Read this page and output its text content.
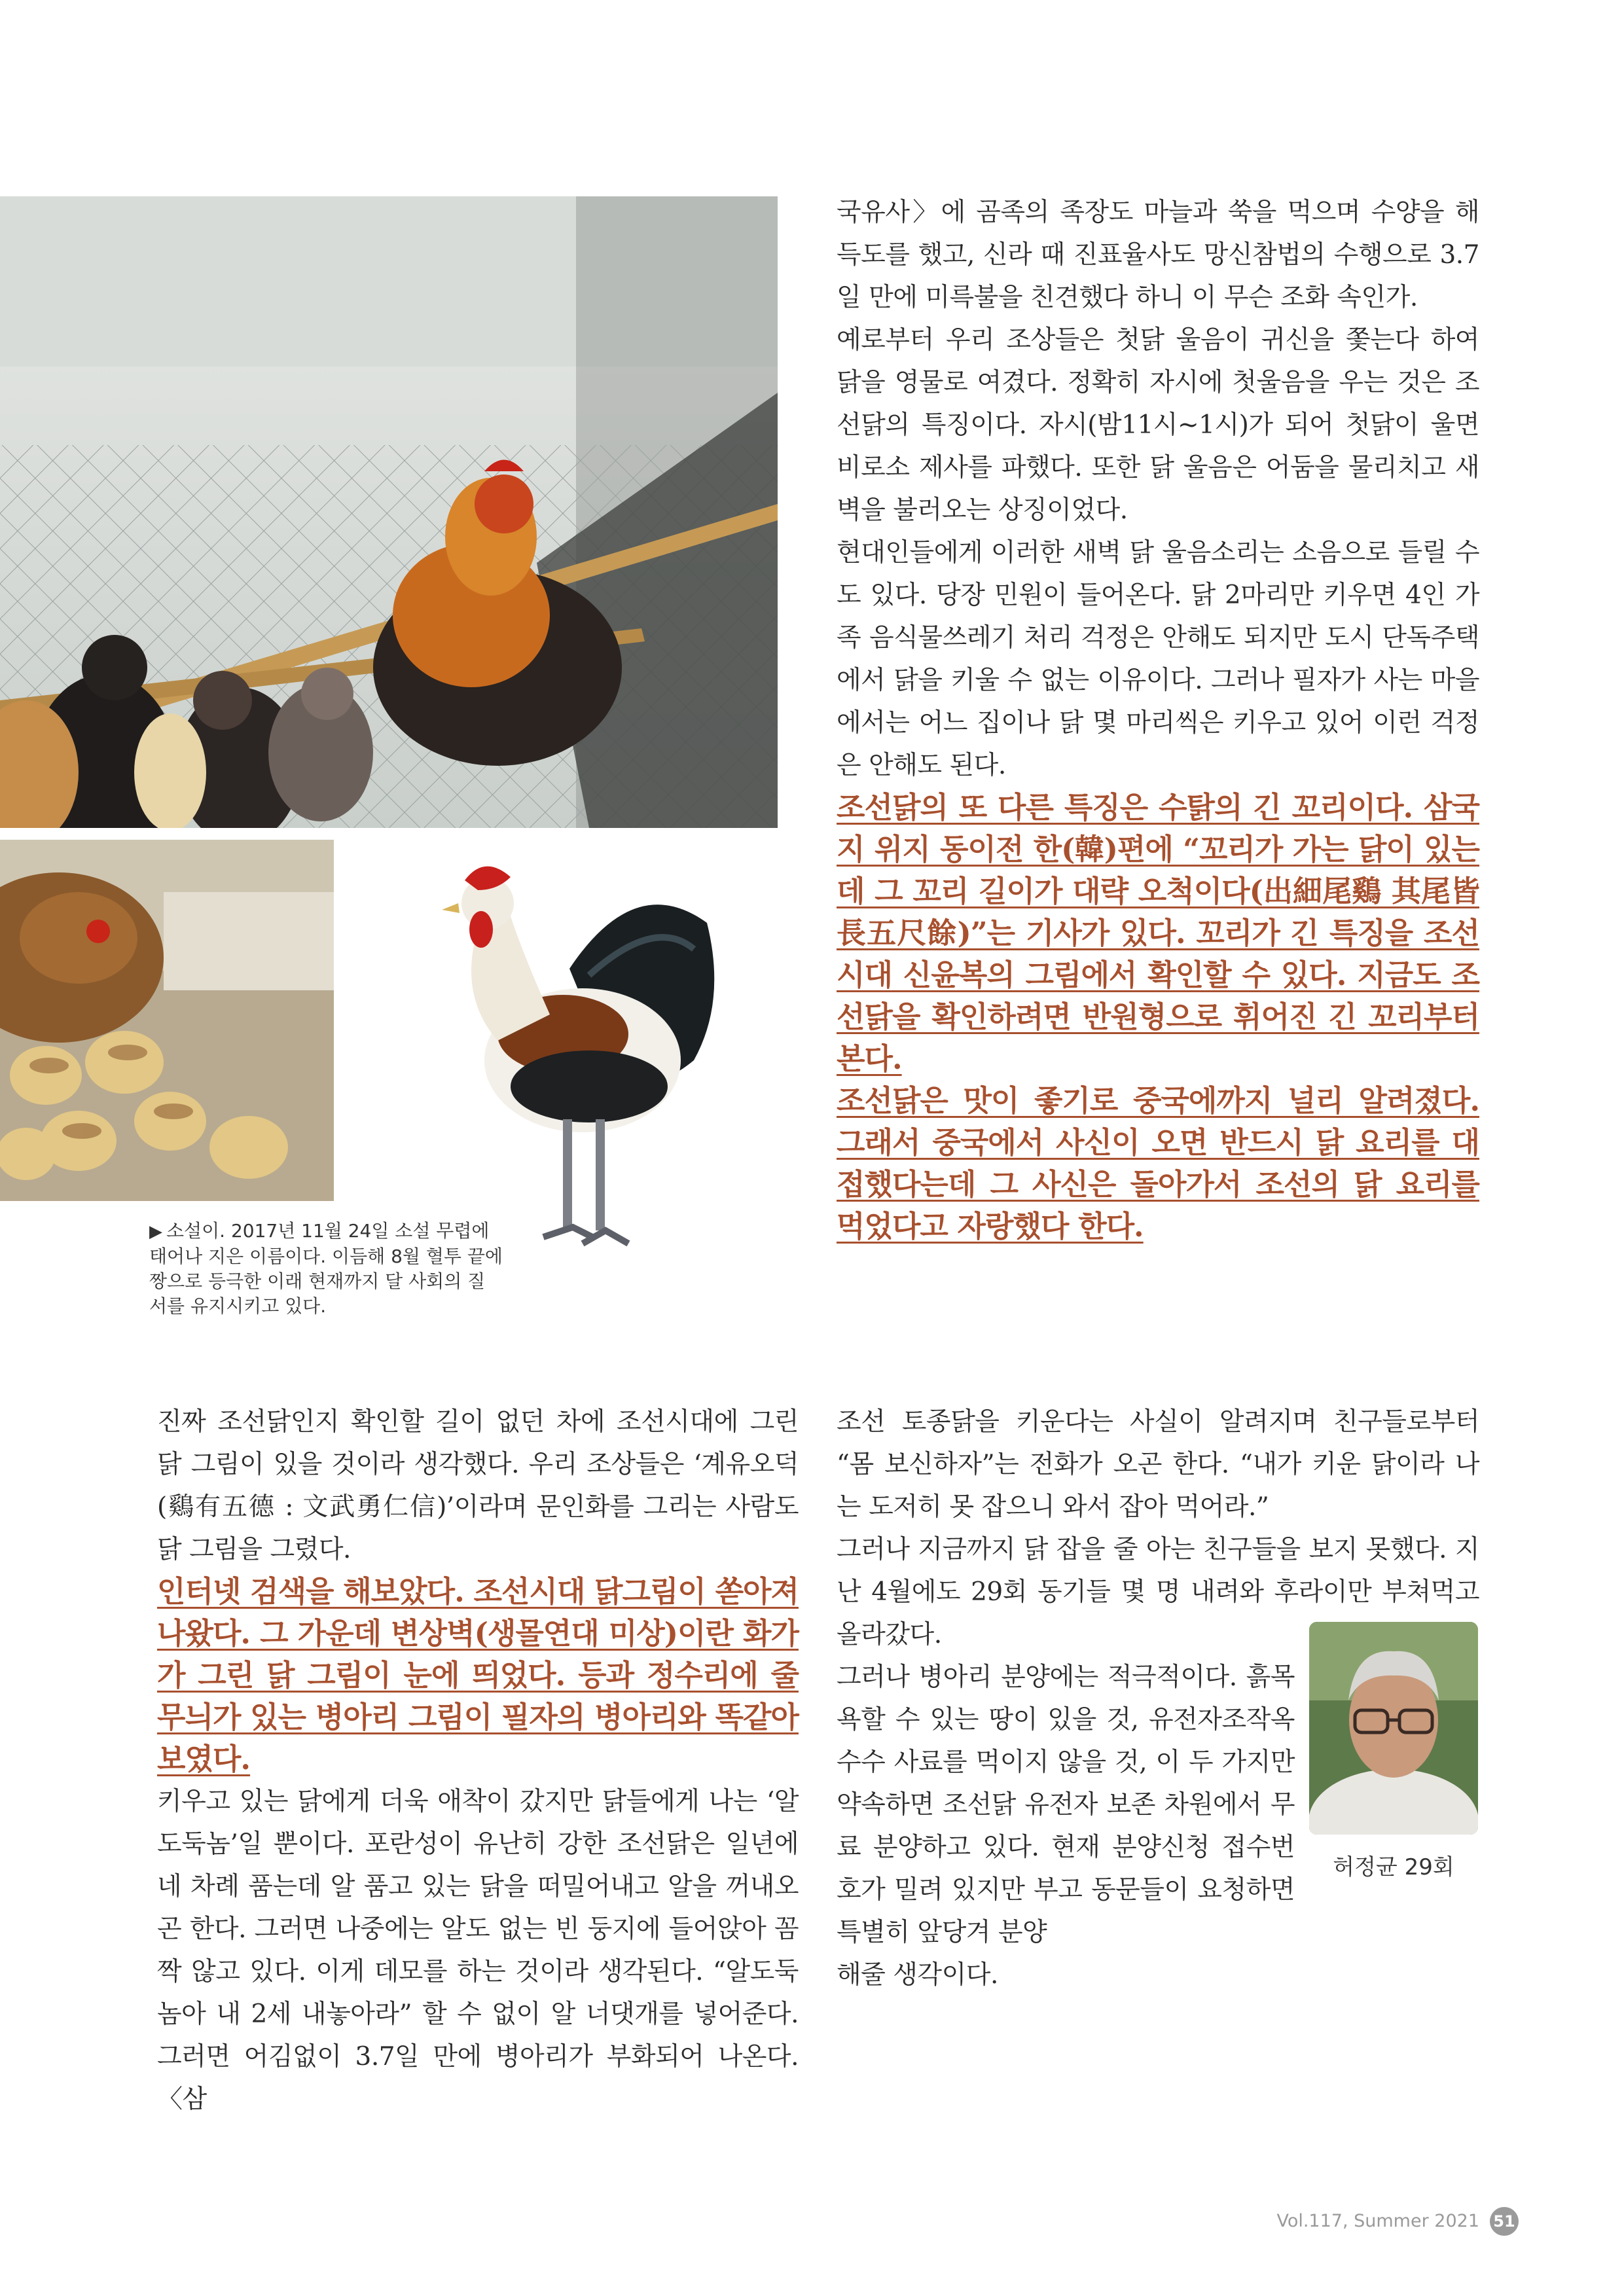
▶ 소설이. 2017년 11월 24일 소설 무렵에 태어나 지은 이름이다. 이듬해 8월 혈투 끝에 짱으로 등극한 이래 현재까지 달 사회의 질서를 유지시키고 있다.

국유사〉에 곰족의 족장도 마늘과 쑥을 먹으며 수양을 해 득도를 했고, 신라 때 진표율사도 망신참법의 수행으로 3.7일 만에 미륵불을 친견했다 하니 이 무슨 조화 속인가.

예로부터 우리 조상들은 첫닭 울음이 귀신을 쫓는다 하여 닭을 영물로 여겼다. 정확히 자시에 첫울음을 우는 것은 조선닭의 특징이다. 자시(밤11시~1시)가 되어 첫닭이 울면 비로소 제사를 파했다. 또한 닭 울음은 어둠을 물리치고 새벽을 불러오는 상징이었다.

현대인들에게 이러한 새벽 닭 울음소리는 소음으로 들릴 수도 있다. 당장 민원이 들어온다. 닭 2마리만 키우면 4인 가족 음식물쓰레기 처리 걱정은 안해도 되지만 도시 단독주택에서 닭을 키울 수 없는 이유이다. 그러나 필자가 사는 마을에서는 어느 집이나 닭 몇 마리씩은 키우고 있어 이런 걱정은 안해도 된다.

조선닭의 또 다른 특징은 수탉의 긴 꼬리이다. 삼국지 위지 동이전 한(韓)편에 “꼬리가 가는 닭이 있는데 그 꼬리 길이가 대략 오척이다(出細尾鷄 其尾皆長五尺餘)”는 기사가 있다. 꼬리가 긴 특징을 조선시대 신윤복의 그림에서 확인할 수 있다. 지금도 조선닭을 확인하려면 반원형으로 휘어진 긴 꼬리부터 본다.

조선닭은 맛이 좋기로 중국에까지 널리 알려졌다. 그래서 중국에서 사신이 오면 반드시 닭 요리를 대접했다는데 그 사신은 돌아가서 조선의 닭 요리를 먹었다고 자랑했다 한다.

진짜 조선닭인지 확인할 길이 없던 차에 조선시대에 그린 닭 그림이 있을 것이라 생각했다. 우리 조상들은 ‘계유오덕(鷄有五德 : 文武勇仁信)’이라며 문인화를 그리는 사람도 닭 그림을 그렸다.

인터넷 검색을 해보았다. 조선시대 닭그림이 쏟아져 나왔다. 그 가운데 변상벽(생몰연대 미상)이란 화가가 그린 닭 그림이 눈에 띄었다. 등과 정수리에 줄무늬가 있는 병아리 그림이 필자의 병아리와 똑같아 보였다.

키우고 있는 닭에게 더욱 애착이 갔지만 닭들에게 나는 ‘알도둑놈’일 뿐이다. 포란성이 유난히 강한 조선닭은 일년에 네 차례 품는데 알 품고 있는 닭을 떠밀어내고 알을 꺼내오곤 한다. 그러면 나중에는 알도 없는 빈 둥지에 들어앉아 꼼짝 않고 있다. 이게 데모를 하는 것이라 생각된다. “알도둑놈아 내 2세 내놓아라” 할 수 없이 알 너댓개를 넣어준다.그러면 어김없이 3.7일 만에 병아리가 부화되어 나온다. 〈삼

조선 토종닭을 키운다는 사실이 알려지며 친구들로부터 “몸 보신하자”는 전화가 오곤 한다. “내가 키운 닭이라 나는 도저히 못 잡으니 와서 잡아 먹어라.”

그러나 지금까지 닭 잡을 줄 아는 친구들을 보지 못했다. 지난 4월에도 29회 동기들 몇 명 내려와 후라이만 부쳐먹고 올라갔다.

그러나 병아리 분양에는 적극적이다. 흙목욕할 수 있는 땅이 있을 것, 유전자조작옥수수 사료를 먹이지 않을 것, 이 두 가지만 약속하면 조선닭 유전자 보존 차원에서 무료 분양하고 있다. 현재 분양신청 접수번호가 밀려 있지만 부고 동문들이 요청하면 특별히 앞당겨 분양

해줄 생각이다.

허정균 29회
Vol.117, Summer 2021 51
